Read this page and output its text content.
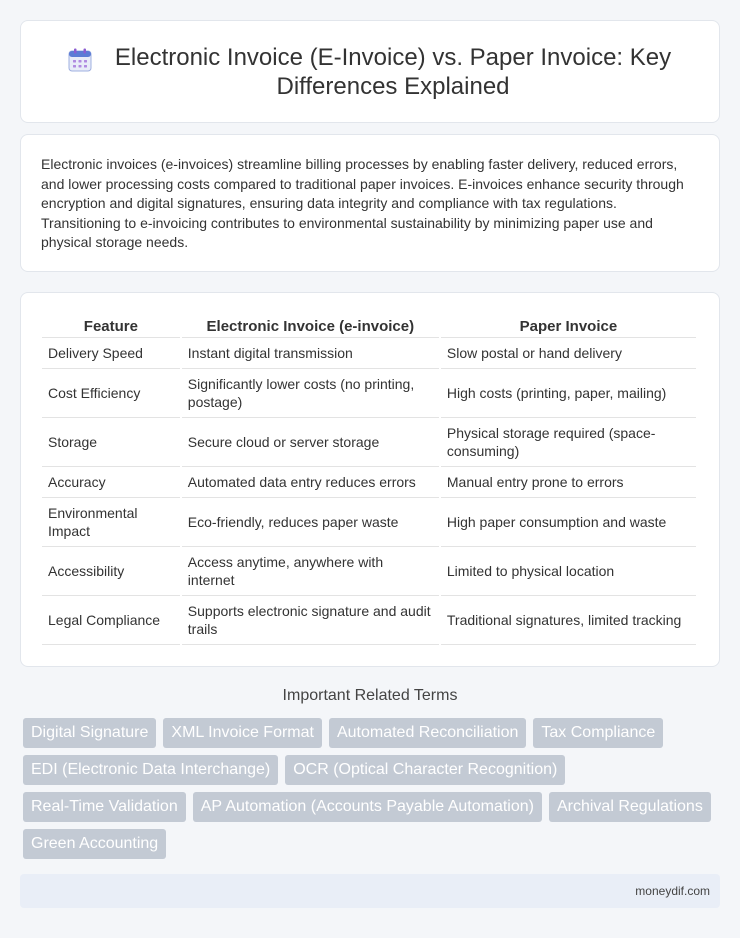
Electronic Invoice (E-Invoice) vs. Paper Invoice: Key Differences Explained

Electronic invoices (e-invoices) streamline billing processes by enabling faster delivery, reduced errors, and lower processing costs compared to traditional paper invoices. E-invoices enhance security through encryption and digital signatures, ensuring data integrity and compliance with tax regulations. Transitioning to e-invoicing contributes to environmental sustainability by minimizing paper use and physical storage needs.

Feature	Electronic Invoice (e-invoice)	Paper Invoice
Delivery Speed	Instant digital transmission	Slow postal or hand delivery
Cost Efficiency	Significantly lower costs (no printing, postage)	High costs (printing, paper, mailing)
Storage	Secure cloud or server storage	Physical storage required (space-consuming)
Accuracy	Automated data entry reduces errors	Manual entry prone to errors
Environmental Impact	Eco-friendly, reduces paper waste	High paper consumption and waste
Accessibility	Access anytime, anywhere with internet	Limited to physical location
Legal Compliance	Supports electronic signature and audit trails	Traditional signatures, limited tracking
Important Related Terms
Digital Signature	XML Invoice Format	Automated Reconciliation	Tax Compliance
EDI (Electronic Data Interchange)	OCR (Optical Character Recognition)
Real-Time Validation	AP Automation (Accounts Payable Automation)	Archival Regulations
Green Accounting
moneydif.com
